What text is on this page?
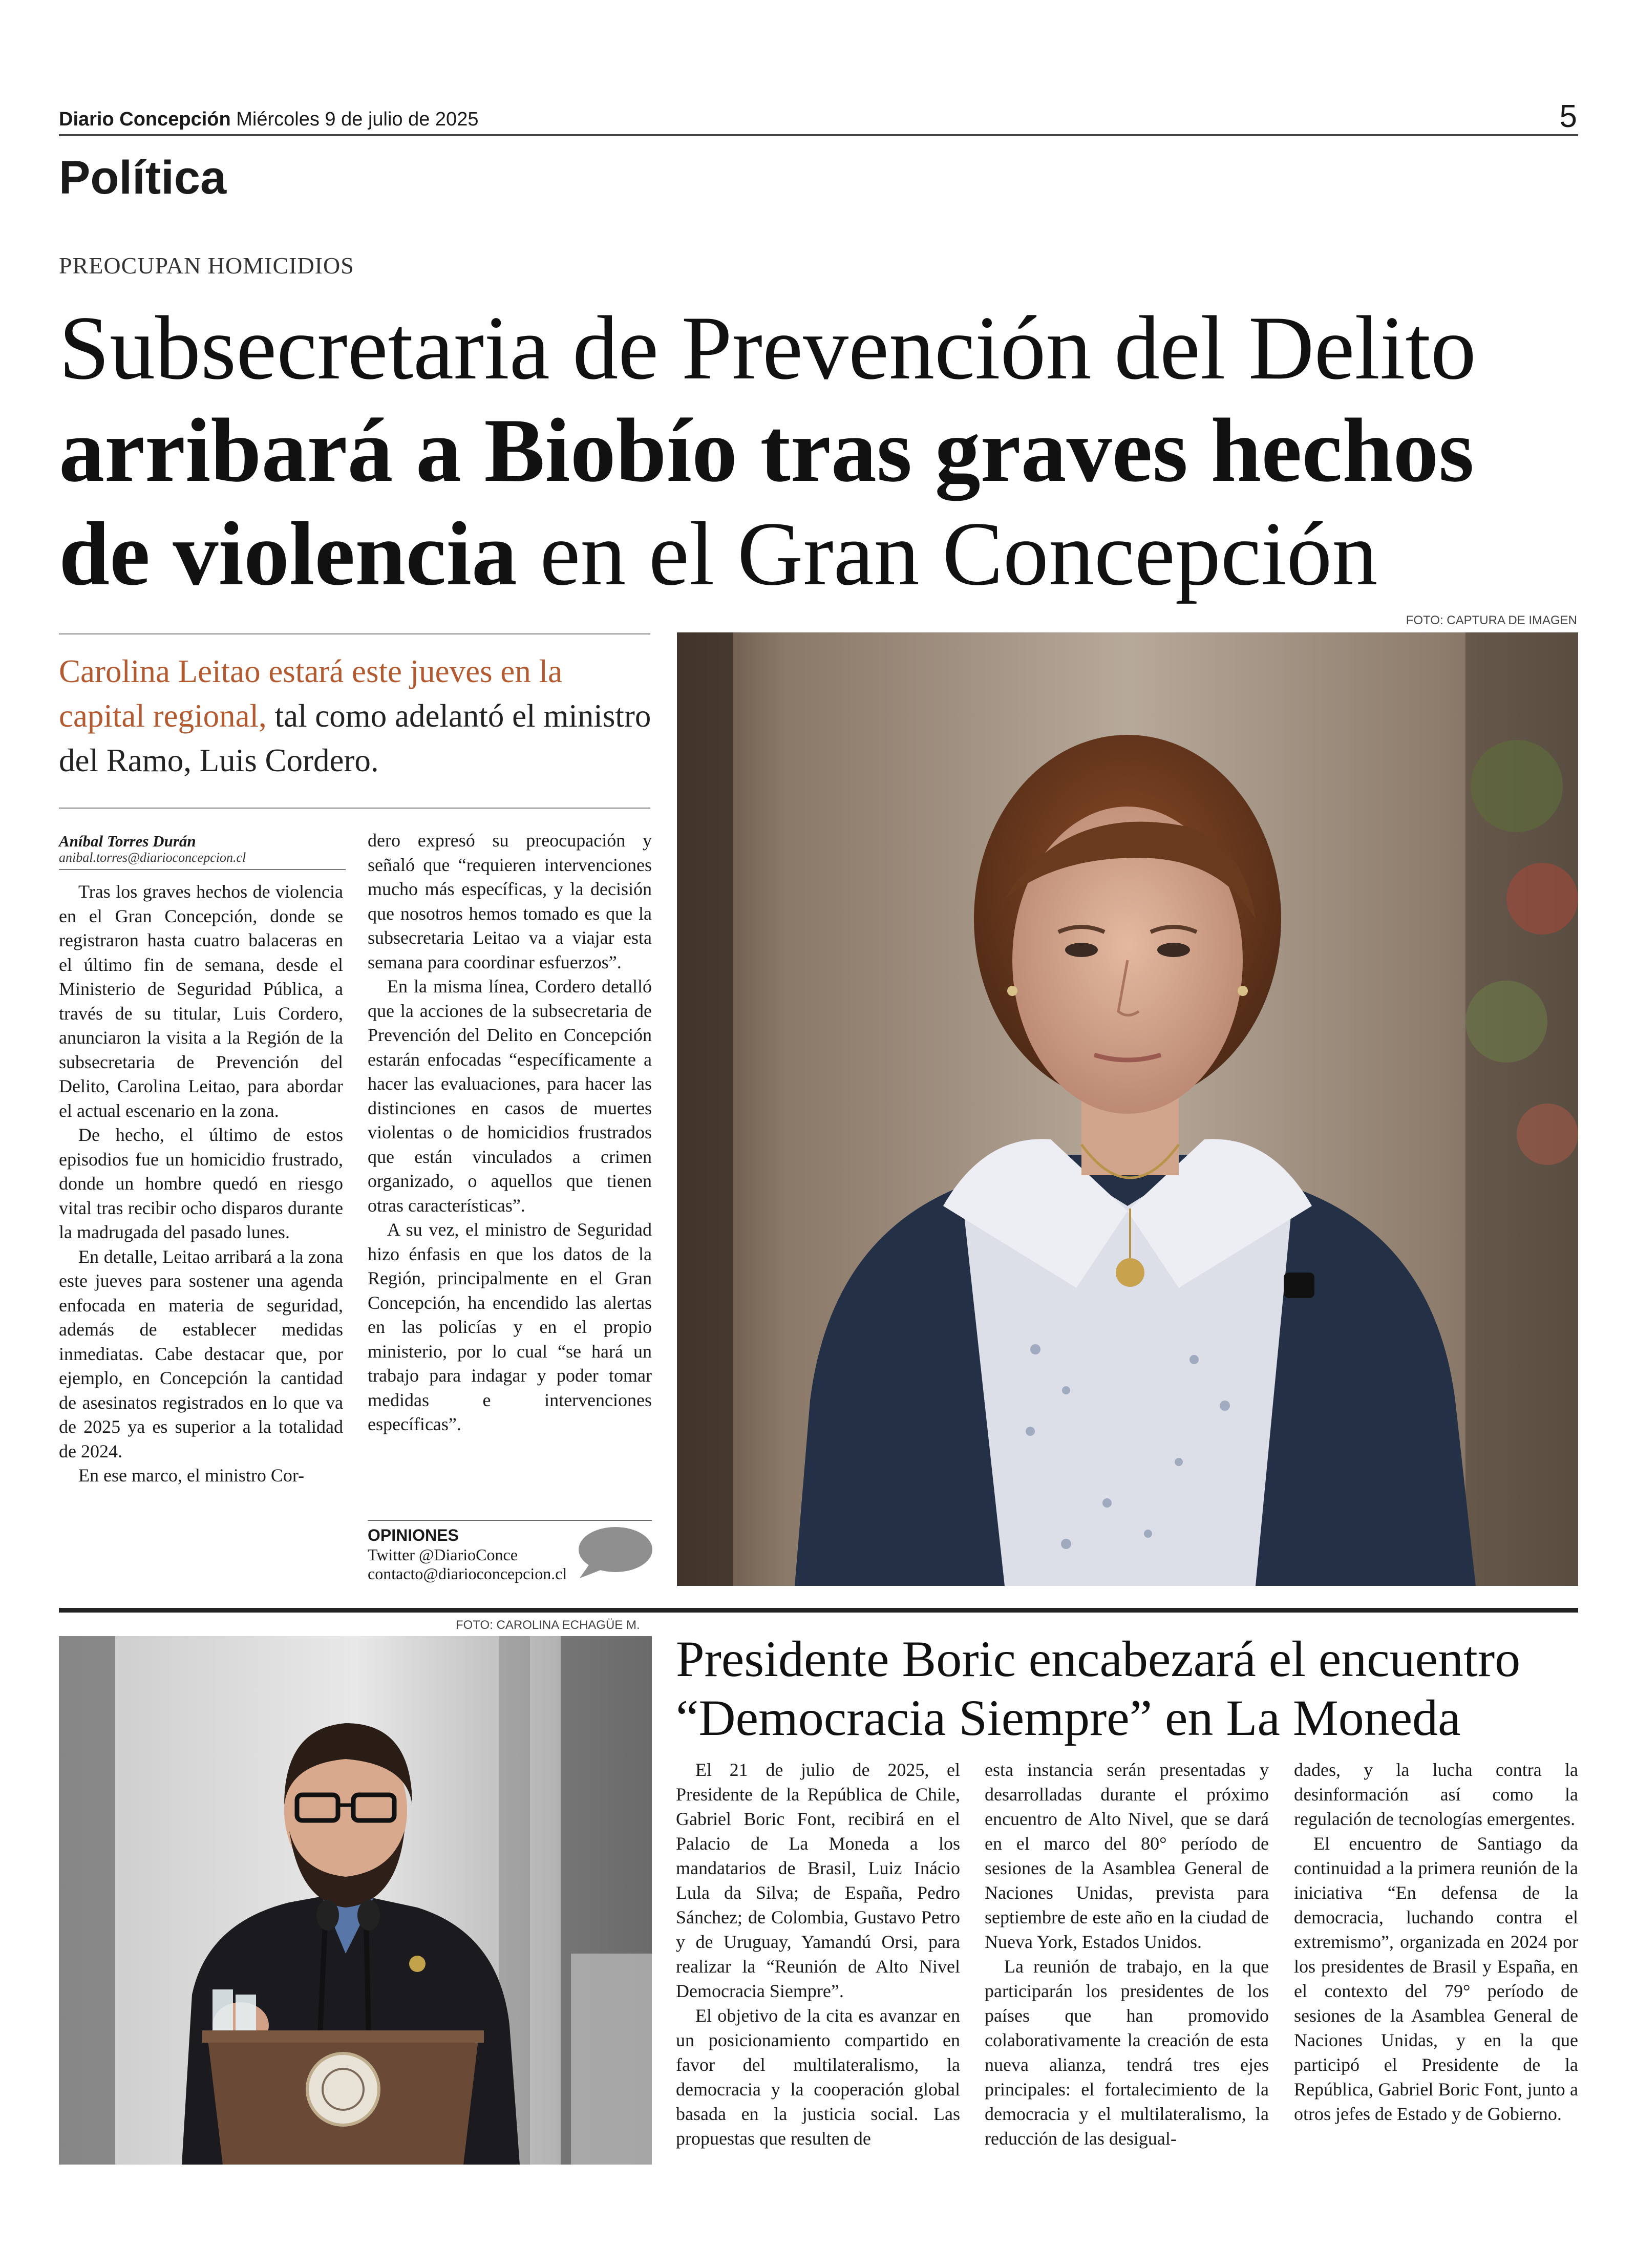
Diario Concepción Miércoles 9 de julio de 2025	5
Política
PREOCUPAN HOMICIDIOS
Subsecretaria de Prevención del Delito
arribará a Biobío tras graves hechos
de violencia en el Gran Concepción
Carolina Leitao estará este jueves en la capital regional, tal como adelantó el ministro del Ramo, Luis Cordero.
Aníbal Torres Durán
anibal.torres@diarioconcepcion.cl

Tras los graves hechos de violencia en el Gran Concepción, donde se registraron hasta cuatro balaceras en el último fin de semana, desde el Ministerio de Seguridad Pública, a través de su titular, Luis Cordero, anunciaron la visita a la Región de la subsecretaria de Prevención del Delito, Carolina Leitao, para abordar el actual escenario en la zona.

De hecho, el último de estos episodios fue un homicidio frustrado, donde un hombre quedó en riesgo vital tras recibir ocho disparos durante la madrugada del pasado lunes.

En detalle, Leitao arribará a la zona este jueves para sostener una agenda enfocada en materia de seguridad, además de establecer medidas inmediatas. Cabe destacar que, por ejemplo, en Concepción la cantidad de asesinatos registrados en lo que va de 2025 ya es superior a la totalidad de 2024.

En ese marco, el ministro Cor-

dero expresó su preocupación y señaló que “requieren intervenciones mucho más específicas, y la decisión que nosotros hemos tomado es que la subsecretaria Leitao va a viajar esta semana para coordinar esfuerzos”.

En la misma línea, Cordero detalló que la acciones de la subsecretaria de Prevención del Delito en Concepción estarán enfocadas “específicamente a hacer las evaluaciones, para hacer las distinciones en casos de muertes violentas o de homicidios frustrados que están vinculados a crimen organizado, o aquellos que tienen otras características”.

A su vez, el ministro de Seguridad hizo énfasis en que los datos de la Región, principalmente en el Gran Concepción, ha encendido las alertas en las policías y en el propio ministerio, por lo cual “se hará un trabajo para indagar y poder tomar medidas e intervenciones específicas”.

OPINIONES
Twitter @DiarioConce
contacto@diarioconcepcion.cl
FOTO: CAPTURA DE IMAGEN
FOTO: CAROLINA ECHAGÜE M.
Presidente Boric encabezará el encuentro
“Democracia Siempre” en La Moneda

El 21 de julio de 2025, el Presidente de la República de Chile, Gabriel Boric Font, recibirá en el Palacio de La Moneda a los mandatarios de Brasil, Luiz Inácio Lula da Silva; de España, Pedro Sánchez; de Colombia, Gustavo Petro y de Uruguay, Yamandú Orsi, para realizar la “Reunión de Alto Nivel Democracia Siempre”.

El objetivo de la cita es avanzar en un posicionamiento compartido en favor del multilateralismo, la democracia y la cooperación global basada en la justicia social. Las propuestas que resulten de

esta instancia serán presentadas y desarrolladas durante el próximo encuentro de Alto Nivel, que se dará en el marco del 80° período de sesiones de la Asamblea General de Naciones Unidas, prevista para septiembre de este año en la ciudad de Nueva York, Estados Unidos.

La reunión de trabajo, en la que participarán los presidentes de los países que han promovido colaborativamente la creación de esta nueva alianza, tendrá tres ejes principales: el fortalecimiento de la democracia y el multilateralismo, la reducción de las desigual-

dades, y la lucha contra la desinformación así como la regulación de tecnologías emergentes.

El encuentro de Santiago da continuidad a la primera reunión de la iniciativa “En defensa de la democracia, luchando contra el extremismo”, organizada en 2024 por los presidentes de Brasil y España, en el contexto del 79° período de sesiones de la Asamblea General de Naciones Unidas, y en la que participó el Presidente de la República, Gabriel Boric Font, junto a otros jefes de Estado y de Gobierno.
